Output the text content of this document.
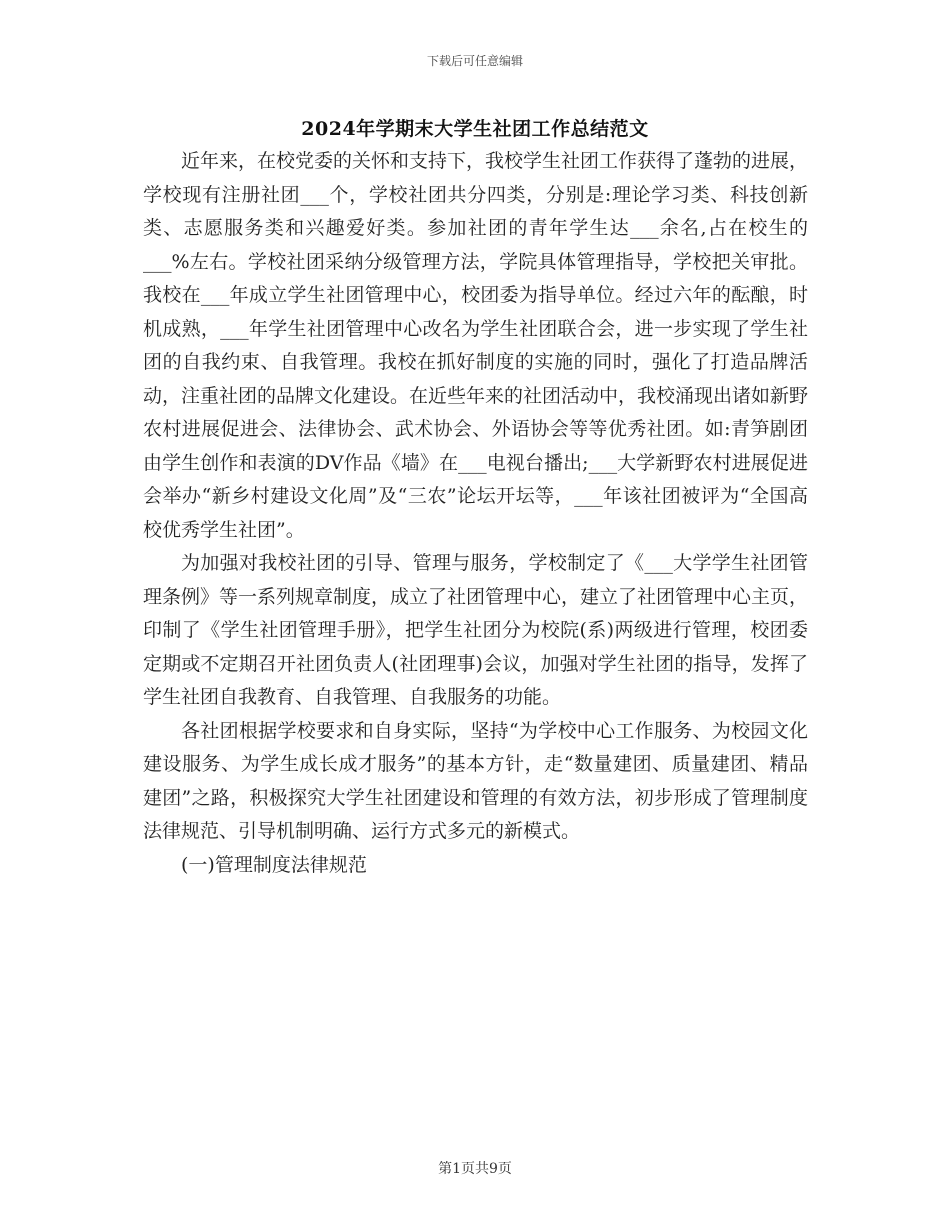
下载后可任意编辑
2024年学期末大学生社团工作总结范文

近年来，在校党委的关怀和支持下，我校学生社团工作获得了蓬勃的进展，学校现有注册社团___个，学校社团共分四类，分别是:理论学习类、科技创新类、志愿服务类和兴趣爱好类。参加社团的青年学生达___余名,占在校生的___%左右。学校社团采纳分级管理方法，学院具体管理指导，学校把关审批。我校在___年成立学生社团管理中心，校团委为指导单位。经过六年的酝酿，时机成熟，___年学生社团管理中心改名为学生社团联合会，进一步实现了学生社团的自我约束、自我管理。我校在抓好制度的实施的同时，强化了打造品牌活动，注重社团的品牌文化建设。在近些年来的社团活动中，我校涌现出诸如新野农村进展促进会、法律协会、武术协会、外语协会等等优秀社团。如:青笋剧团由学生创作和表演的DV作品《墙》在___电视台播出;___大学新野农村进展促进会举办“新乡村建设文化周”及“三农”论坛开坛等，___年该社团被评为“全国高校优秀学生社团”。

为加强对我校社团的引导、管理与服务，学校制定了《___大学学生社团管理条例》等一系列规章制度，成立了社团管理中心，建立了社团管理中心主页，印制了《学生社团管理手册》，把学生社团分为校院(系)两级进行管理，校团委定期或不定期召开社团负责人(社团理事)会议，加强对学生社团的指导，发挥了学生社团自我教育、自我管理、自我服务的功能。

各社团根据学校要求和自身实际，坚持“为学校中心工作服务、为校园文化建设服务、为学生成长成才服务”的基本方针，走“数量建团、质量建团、精品建团”之路，积极探究大学生社团建设和管理的有效方法，初步形成了管理制度法律规范、引导机制明确、运行方式多元的新模式。

(一)管理制度法律规范

第1页共9页
